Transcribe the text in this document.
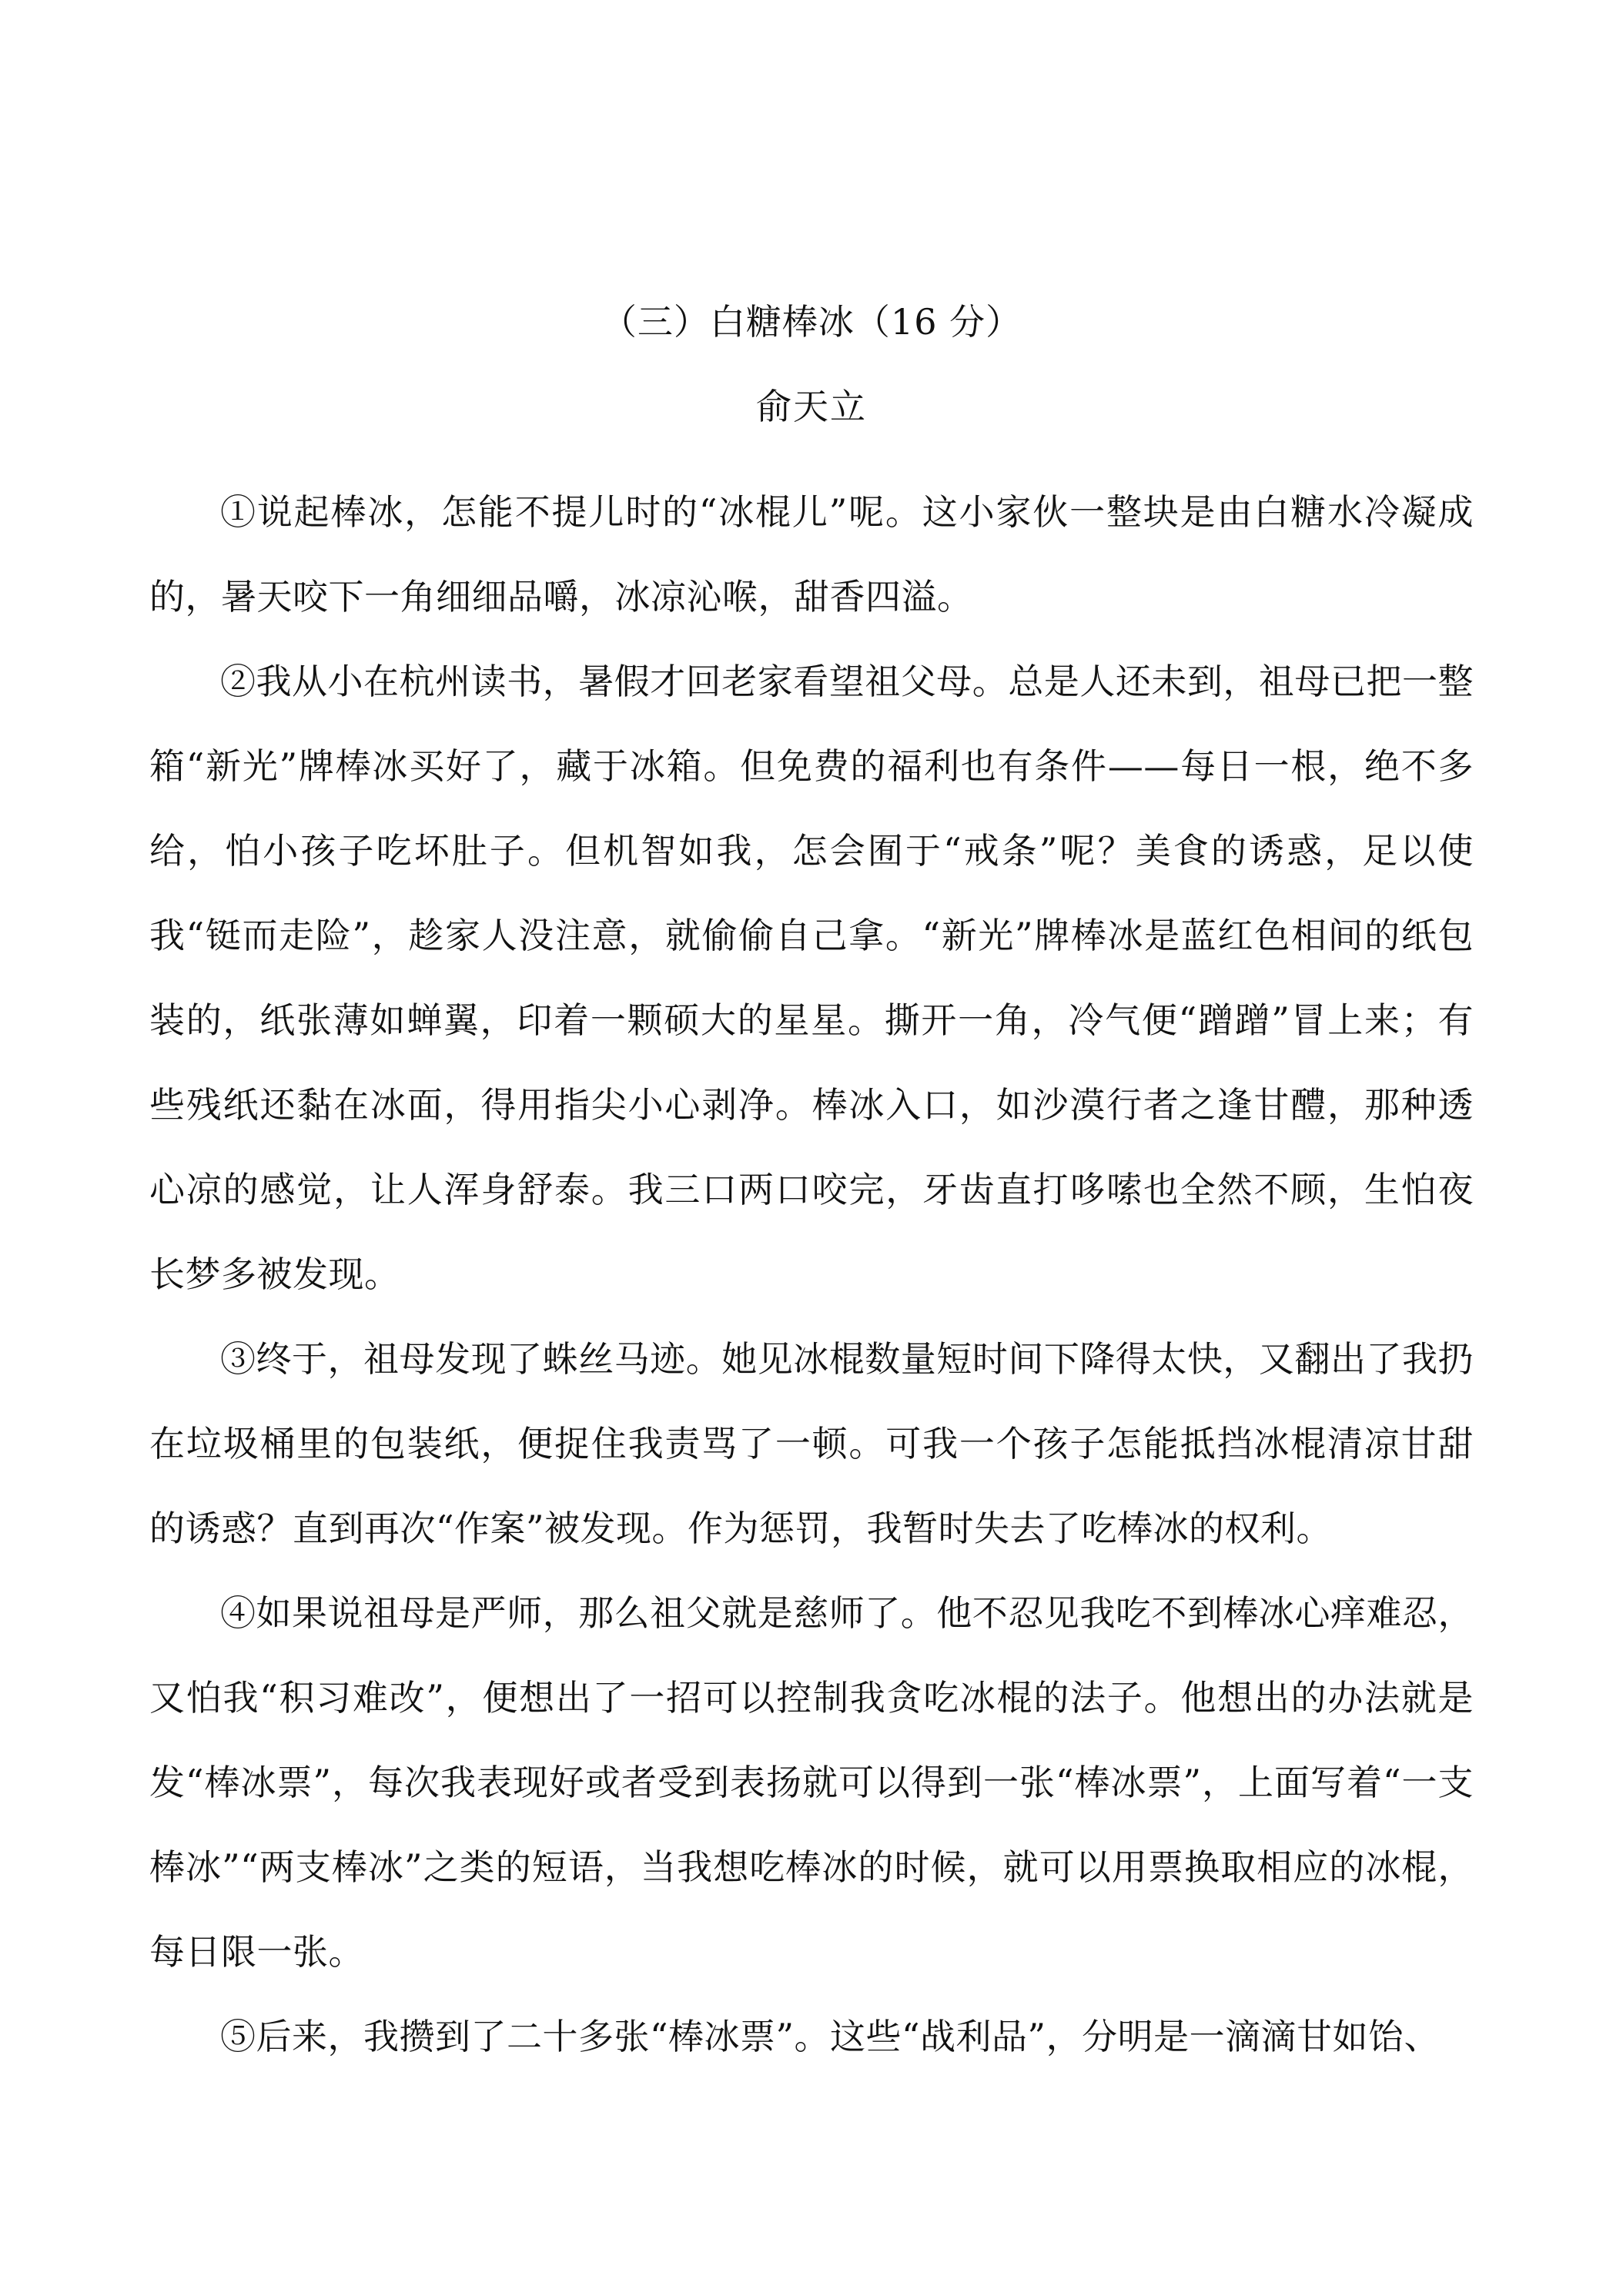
（三）白糖棒冰（16 分）
俞天立

①说起棒冰，怎能不提儿时的“冰棍儿”呢。这小家伙一整块是由白糖水冷凝成的，暑天咬下一角细细品嚼，冰凉沁喉，甜香四溢。

②我从小在杭州读书，暑假才回老家看望祖父母。总是人还未到，祖母已把一整箱“新光”牌棒冰买好了，藏于冰箱。但免费的福利也有条件——每日一根，绝不多给，怕小孩子吃坏肚子。但机智如我，怎会囿于“戒条”呢？美食的诱惑，足以使我“铤而走险”，趁家人没注意，就偷偷自己拿。“新光”牌棒冰是蓝红色相间的纸包装的，纸张薄如蝉翼，印着一颗硕大的星星。撕开一角，冷气便“蹭蹭”冒上来；有些残纸还黏在冰面，得用指尖小心剥净。棒冰入口，如沙漠行者之逢甘醴，那种透心凉的感觉，让人浑身舒泰。我三口两口咬完，牙齿直打哆嗦也全然不顾，生怕夜长梦多被发现。

③终于，祖母发现了蛛丝马迹。她见冰棍数量短时间下降得太快，又翻出了我扔在垃圾桶里的包装纸，便捉住我责骂了一顿。可我一个孩子怎能抵挡冰棍清凉甘甜的诱惑？直到再次“作案”被发现。作为惩罚，我暂时失去了吃棒冰的权利。

④如果说祖母是严师，那么祖父就是慈师了。他不忍见我吃不到棒冰心痒难忍，又怕我“积习难改”，便想出了一招可以控制我贪吃冰棍的法子。他想出的办法就是发“棒冰票”，每次我表现好或者受到表扬就可以得到一张“棒冰票”，上面写着“一支棒冰”“两支棒冰”之类的短语，当我想吃棒冰的时候，就可以用票换取相应的冰棍，每日限一张。

⑤后来，我攒到了二十多张“棒冰票”。这些“战利品”，分明是一滴滴甘如饴、
